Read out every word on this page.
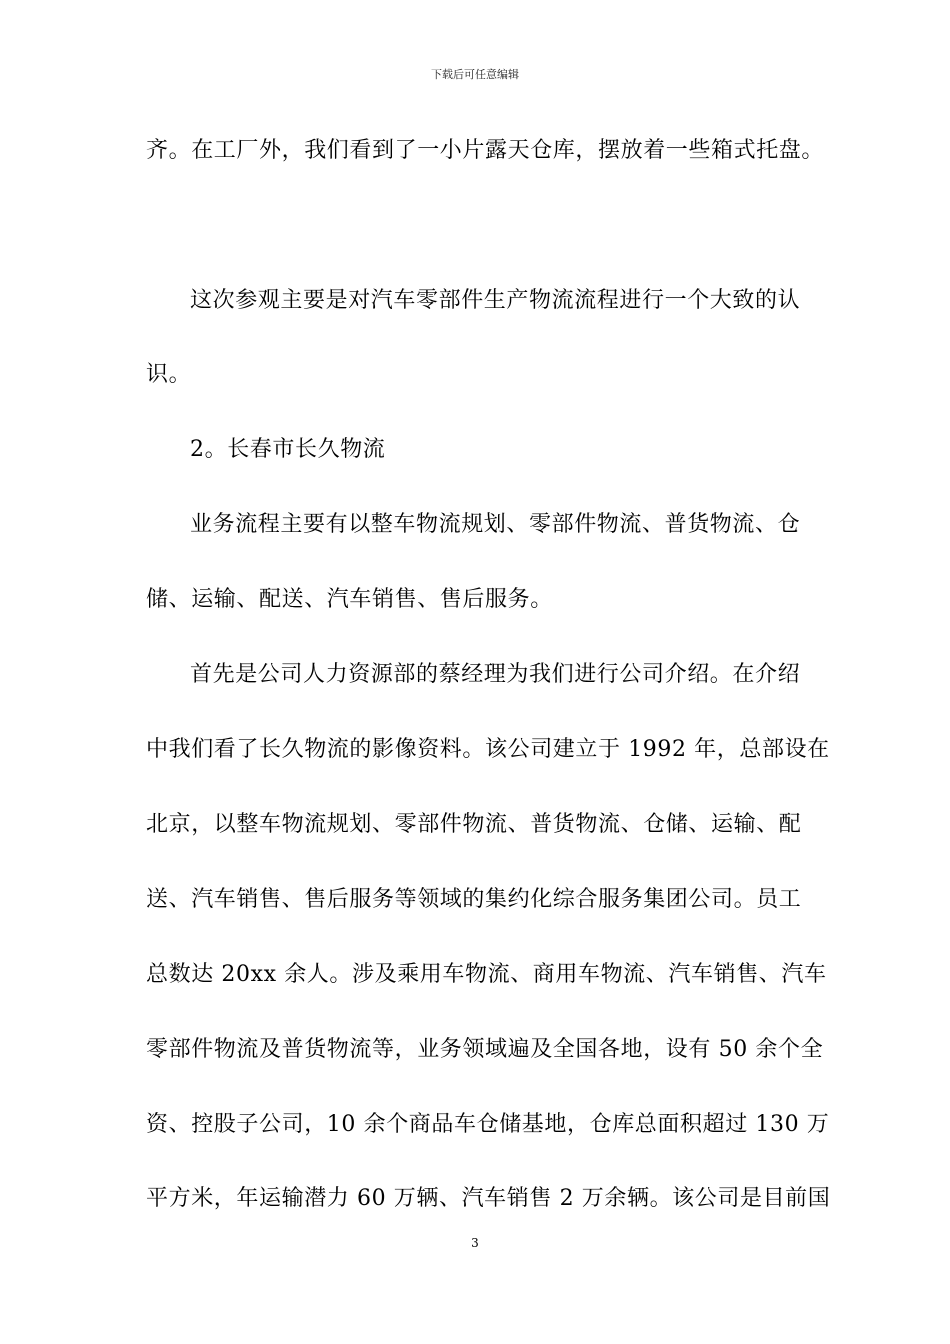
下载后可任意编辑
齐。在工厂外，我们看到了一小片露天仓库，摆放着一些箱式托盘。
这次参观主要是对汽车零部件生产物流流程进行一个大致的认
识。
2。长春市长久物流
业务流程主要有以整车物流规划、零部件物流、普货物流、仓
储、运输、配送、汽车销售、售后服务。
首先是公司人力资源部的蔡经理为我们进行公司介绍。在介绍
中我们看了长久物流的影像资料。该公司建立于 1992 年，总部设在
北京，以整车物流规划、零部件物流、普货物流、仓储、运输、配
送、汽车销售、售后服务等领域的集约化综合服务集团公司。员工
总数达 20xx 余人。涉及乘用车物流、商用车物流、汽车销售、汽车
零部件物流及普货物流等，业务领域遍及全国各地，设有 50 余个全
资、控股子公司，10 余个商品车仓储基地，仓库总面积超过 130 万
平方米，年运输潜力 60 万辆、汽车销售 2 万余辆。该公司是目前国
3
